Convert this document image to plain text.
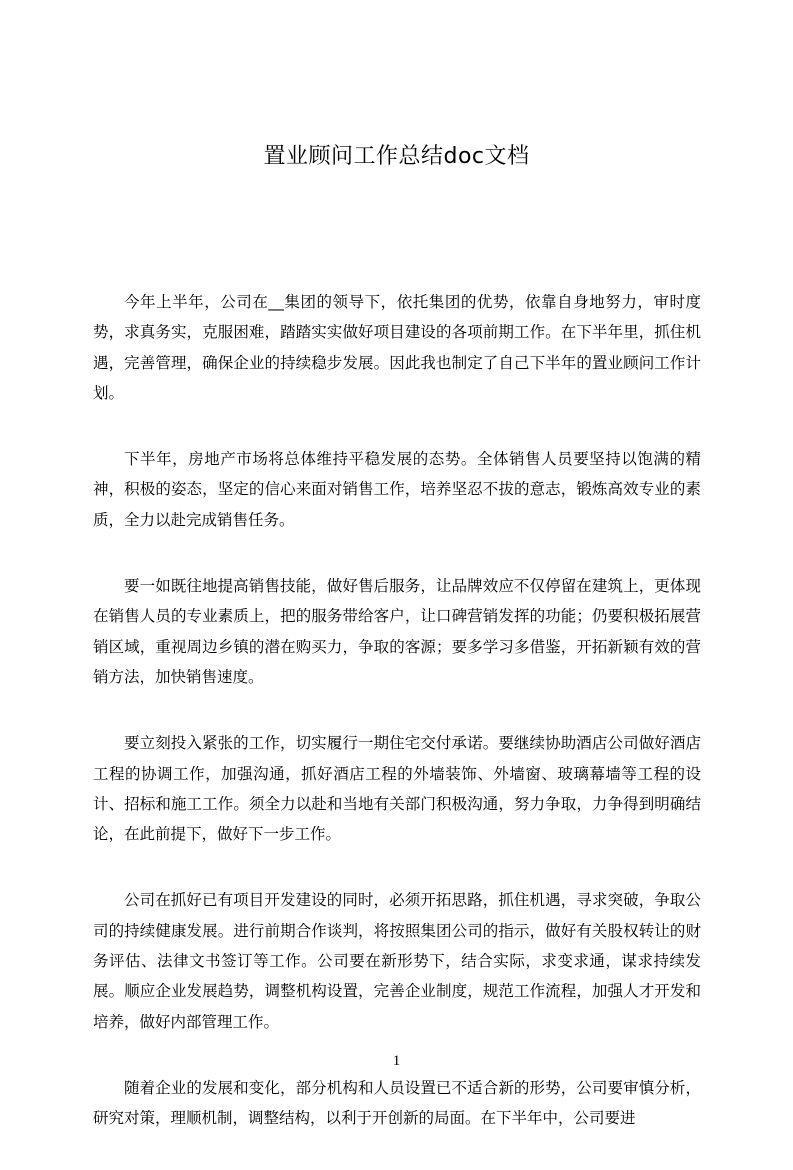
置业顾问工作总结doc文档

今年上半年，公司在__集团的领导下，依托集团的优势，依靠自身地努力，审时度势，求真务实，克服困难，踏踏实实做好项目建设的各项前期工作。在下半年里，抓住机遇，完善管理，确保企业的持续稳步发展。因此我也制定了自己下半年的置业顾问工作计划。

下半年，房地产市场将总体维持平稳发展的态势。全体销售人员要坚持以饱满的精神，积极的姿态，坚定的信心来面对销售工作，培养坚忍不拔的意志，锻炼高效专业的素质，全力以赴完成销售任务。

要一如既往地提高销售技能，做好售后服务，让品牌效应不仅停留在建筑上，更体现在销售人员的专业素质上，把的服务带给客户，让口碑营销发挥的功能；仍要积极拓展营销区域，重视周边乡镇的潜在购买力，争取的客源；要多学习多借鉴，开拓新颖有效的营销方法，加快销售速度。

要立刻投入紧张的工作，切实履行一期住宅交付承诺。要继续协助酒店公司做好酒店工程的协调工作，加强沟通，抓好酒店工程的外墙装饰、外墙窗、玻璃幕墙等工程的设计、招标和施工工作。须全力以赴和当地有关部门积极沟通，努力争取，力争得到明确结论，在此前提下，做好下一步工作。

公司在抓好已有项目开发建设的同时，必须开拓思路，抓住机遇，寻求突破，争取公司的持续健康发展。进行前期合作谈判，将按照集团公司的指示，做好有关股权转让的财务评估、法律文书签订等工作。公司要在新形势下，结合实际，求变求通，谋求持续发展。顺应企业发展趋势，调整机构设置，完善企业制度，规范工作流程，加强人才开发和培养，做好内部管理工作。

随着企业的发展和变化，部分机构和人员设置已不适合新的形势，公司要审慎分析，研究对策，理顺机制，调整结构，以利于开创新的局面。在下半年中，公司要进

1
